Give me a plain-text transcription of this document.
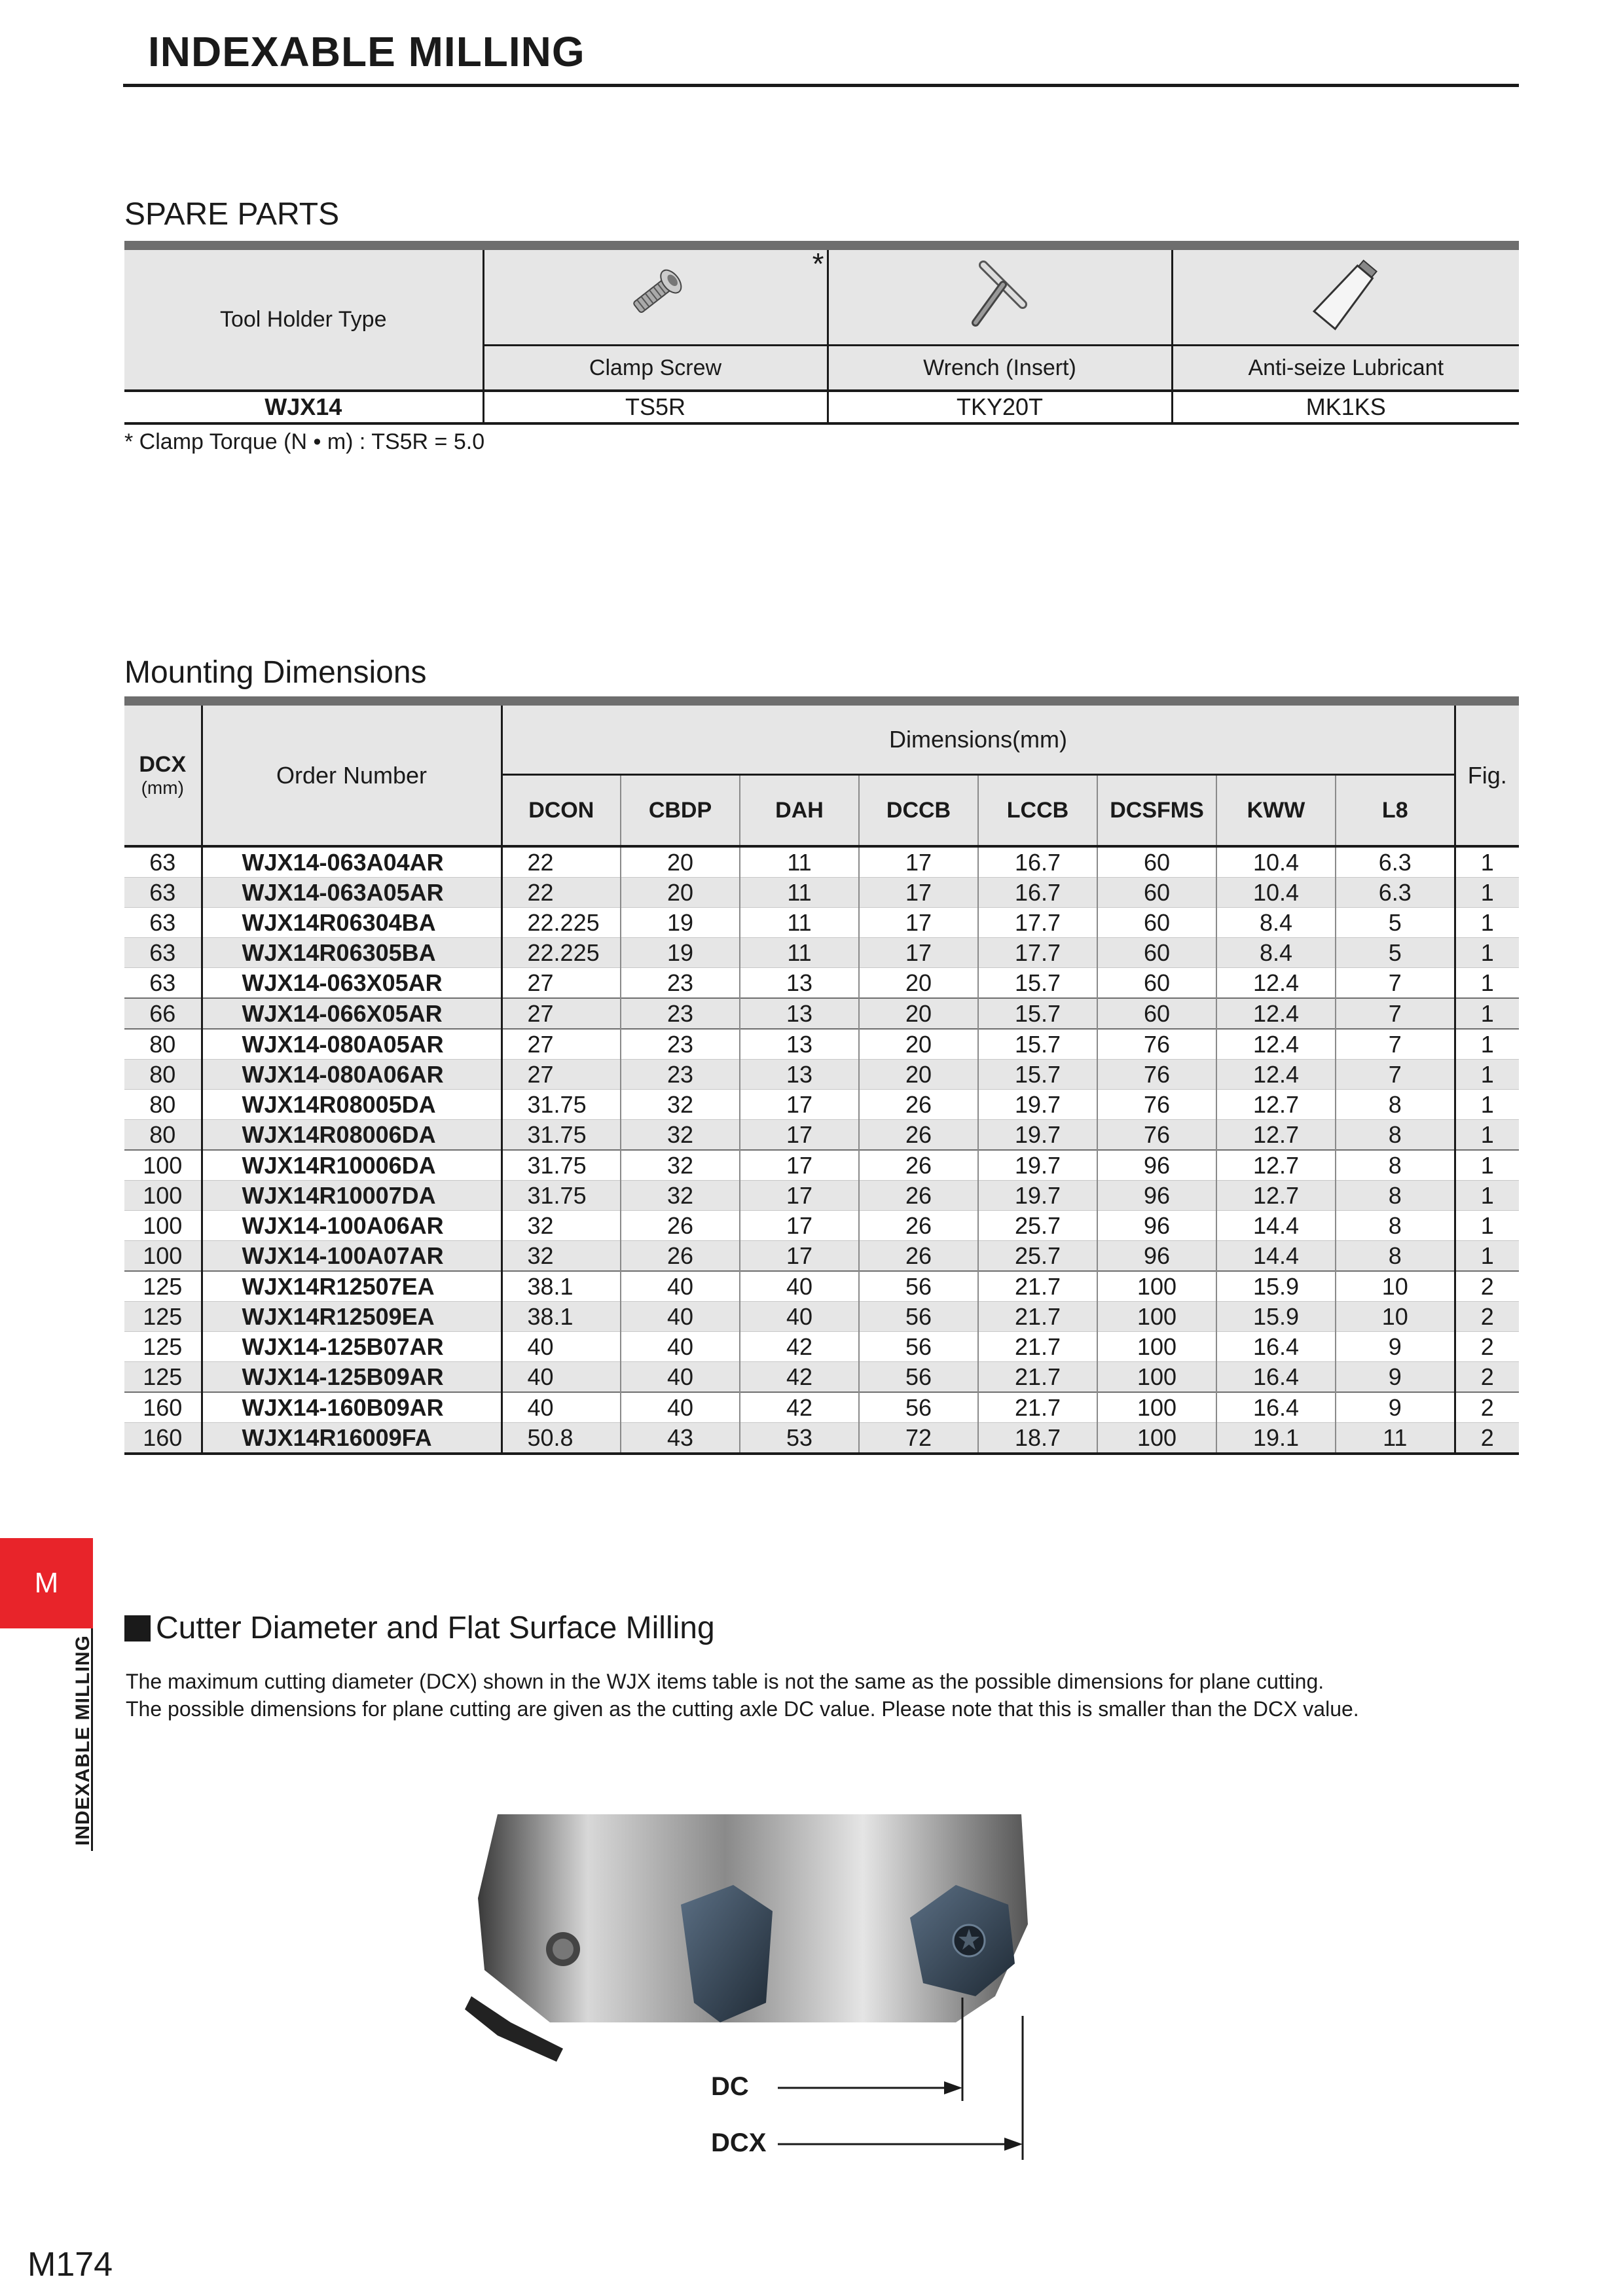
INDEXABLE MILLING
SPARE PARTS
Tool Holder Type	*

	Clamp Screw	Wrench (Insert)	Anti-seize Lubricant
WJX14	TS5R	TKY20T	MK1KS
* Clamp Torque (N • m) : TS5R = 5.0
Mounting Dimensions
DCX
(mm)	Order Number	Dimensions(mm)								Fig.
		DCON	CBDP	DAH	DCCB	LCCB	DCSFMS	KWW	L8	
63	WJX14-063A04AR	22	20	11	17	16.7	60	10.4	6.3	1
63	WJX14-063A05AR	22	20	11	17	16.7	60	10.4	6.3	1
63	WJX14R06304BA	22.225	19	11	17	17.7	60	8.4	5	1
63	WJX14R06305BA	22.225	19	11	17	17.7	60	8.4	5	1
63	WJX14-063X05AR	27	23	13	20	15.7	60	12.4	7	1
66	WJX14-066X05AR	27	23	13	20	15.7	60	12.4	7	1
80	WJX14-080A05AR	27	23	13	20	15.7	76	12.4	7	1
80	WJX14-080A06AR	27	23	13	20	15.7	76	12.4	7	1
80	WJX14R08005DA	31.75	32	17	26	19.7	76	12.7	8	1
80	WJX14R08006DA	31.75	32	17	26	19.7	76	12.7	8	1
100	WJX14R10006DA	31.75	32	17	26	19.7	96	12.7	8	1
100	WJX14R10007DA	31.75	32	17	26	19.7	96	12.7	8	1
100	WJX14-100A06AR	32	26	17	26	25.7	96	14.4	8	1
100	WJX14-100A07AR	32	26	17	26	25.7	96	14.4	8	1
125	WJX14R12507EA	38.1	40	40	56	21.7	100	15.9	10	2
125	WJX14R12509EA	38.1	40	40	56	21.7	100	15.9	10	2
125	WJX14-125B07AR	40	40	42	56	21.7	100	16.4	9	2
125	WJX14-125B09AR	40	40	42	56	21.7	100	16.4	9	2
160	WJX14-160B09AR	40	40	42	56	21.7	100	16.4	9	2
160	WJX14R16009FA	50.8	43	53	72	18.7	100	19.1	11	2
M
INDEXABLE MILLING
Cutter Diameter and Flat Surface Milling
The maximum cutting diameter (DCX) shown in the WJX items table is not the same as the possible dimensions for plane cutting.
The possible dimensions for plane cutting are given as the cutting axle DC value. Please note that this is smaller than the DCX value.
DC
DCX
M174
